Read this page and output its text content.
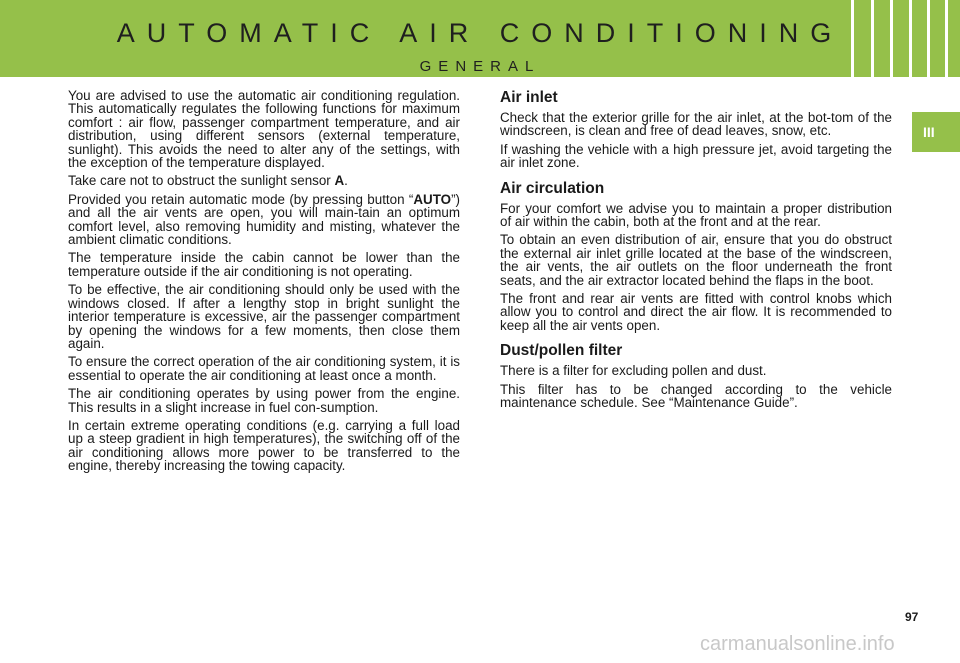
AUTOMATIC AIR CONDITIONING
GENERAL
III

You are advised to use the automatic air conditioning regulation. This automatically regulates the following functions for maximum comfort : air flow, passenger compartment temperature, and air distribution, using different sensors (external temperature, sunlight). This avoids the need to alter any of the settings, with the exception of the temperature displayed.

Take care not to obstruct the sunlight sensor A.

Provided you retain automatic mode (by pressing button “AUTO”) and all the air vents are open, you will main-tain an optimum comfort level, also removing humidity and misting, whatever the ambient climatic conditions.

The temperature inside the cabin cannot be lower than the temperature outside if the air conditioning is not operating.

To be effective, the air conditioning should only be used with the windows closed. If after a lengthy stop in bright sunlight the interior temperature is excessive, air the passenger compartment by opening the windows for a few moments, then close them again.

To ensure the correct operation of the air conditioning system, it is essential to operate the air conditioning at least once a month.

The air conditioning operates by using power from the engine. This results in a slight increase in fuel con-sumption.

In certain extreme operating conditions (e.g. carrying a full load up a steep gradient in high temperatures), the switching off of the air conditioning allows more power to be transferred to the engine, thereby increasing the towing capacity.

Air inlet

Check that the exterior grille for the air inlet, at the bot-tom of the windscreen, is clean and free of dead leaves, snow, etc.

If washing the vehicle with a high pressure jet, avoid targeting the air inlet zone.

Air circulation

For your comfort we advise you to maintain a proper distribution of air within the cabin, both at the front and at the rear.

To obtain an even distribution of air, ensure that you do obstruct the external air inlet grille located at the base of the windscreen, the air vents, the air outlets on the floor underneath the front seats, and the air extractor located behind the flaps in the boot.

The front and rear air vents are fitted with control knobs which allow you to control and direct the air flow. It is recommended to keep all the air vents open.

Dust/pollen filter

There is a filter for excluding pollen and dust.

This filter has to be changed according to the vehicle maintenance schedule. See “Maintenance Guide”.

97
carmanualsonline.info
